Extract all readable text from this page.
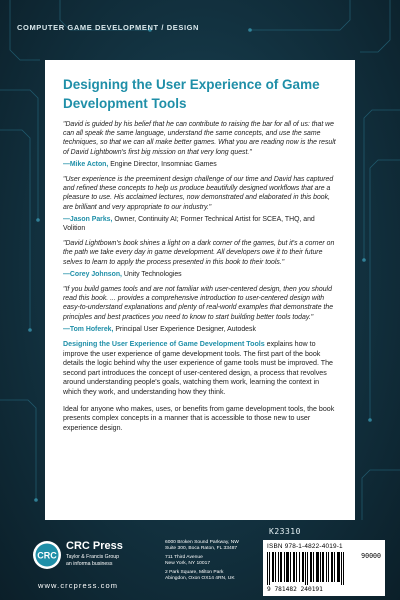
COMPUTER GAME DEVELOPMENT / DESIGN
Designing the User Experience of Game
Development Tools
"David is guided by his belief that he can contribute to raising the bar for all of us: that we can all speak the same language, understand the same concepts, and use the same techniques, so that we can all make better games. What you are reading now is the result of David Lightbown's first big mission on that very long quest."
—Mike Acton, Engine Director, Insomniac Games
"User experience is the preeminent design challenge of our time and David has captured and refined these concepts to help us produce beautifully designed workflows that are a pleasure to use. His acclaimed lectures, now demonstrated and elaborated in this book, are brilliant and very appropriate to our industry."
—Jason Parks, Owner, Continuity AI; Former Technical Artist for SCEA, THQ, and Volition
"David Lightbown's book shines a light on a dark corner of the games, but it's a corner on the path we take every day in game development. All developers owe it to their future selves to learn to apply the process presented in this book to their tools."
—Corey Johnson, Unity Technologies
"If you build games tools and are not familiar with user-centered design, then you should read this book. ... provides a comprehensive introduction to user-centered design with easy-to-understand explanations and plenty of real-world examples that demonstrate the principles and best practices you need to know to start building better tools today."
—Tom Hoferek, Principal User Experience Designer, Autodesk
Designing the User Experience of Game Development Tools explains how to improve the user experience of game development tools. The first part of the book details the logic behind why the user experience of game tools must be improved. The second part introduces the concept of user-centered design, a process that revolves around understanding people's goals, watching them work, learning the context in which they work, and understanding how they think.
Ideal for anyone who makes, uses, or benefits from game development tools, the book presents complex concepts in a manner that is accessible to those new to user experience design.
K23310
CRC
CRC Press
Taylor & Francis Group
an informa business
www.crcpress.com
6000 Broken Sound Parkway, NW
Suite 300, Boca Raton, FL 33487
711 Third Avenue
New York, NY 10017
2 Park Square, Milton Park
Abingdon, Oxon OX14 4RN, UK
ISBN 978-1-4822-4019-1
9 781482 240191
90000
